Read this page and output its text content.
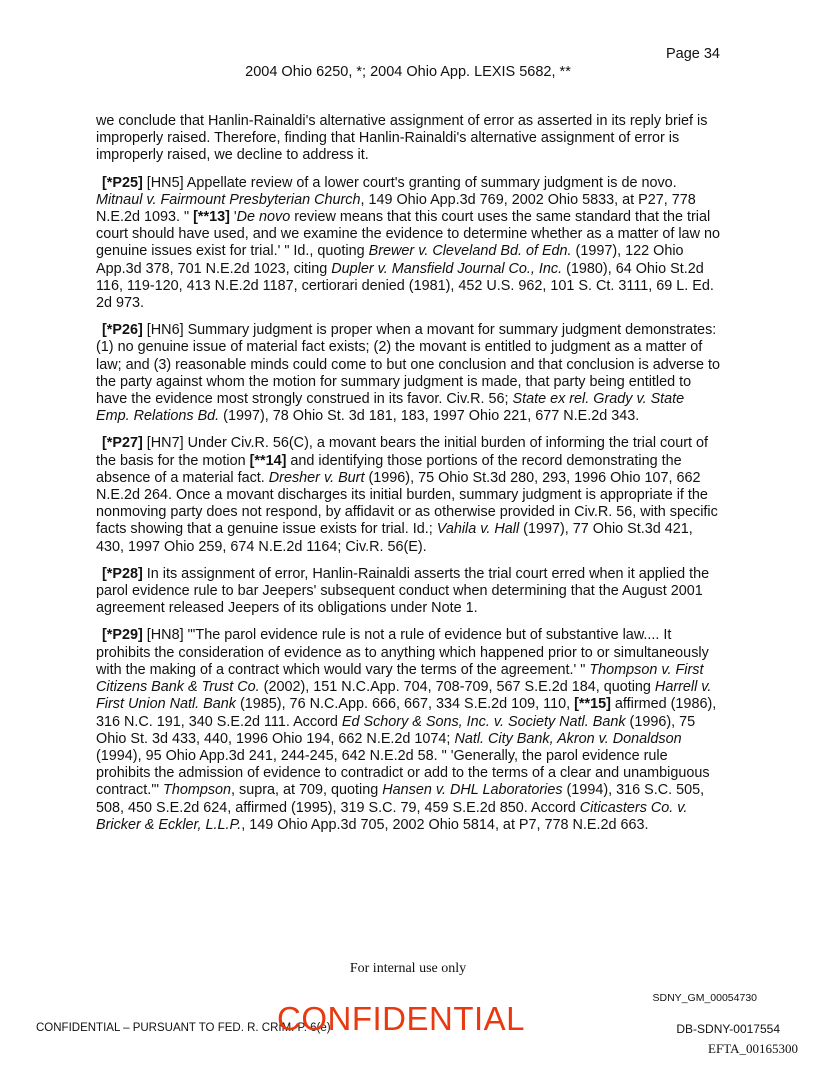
Page 34
2004 Ohio 6250, *; 2004 Ohio App. LEXIS 5682, **

we conclude that Hanlin-Rainaldi's alternative assignment of error as asserted in its reply brief is improperly raised. Therefore, finding that Hanlin-Rainaldi's alternative assignment of error is improperly raised, we decline to address it.

[*P25] [HN5] Appellate review of a lower court's granting of summary judgment is de novo. Mitnaul v. Fairmount Presbyterian Church, 149 Ohio App.3d 769, 2002 Ohio 5833, at P27, 778 N.E.2d 1093. " [**13] 'De novo review means that this court uses the same standard that the trial court should have used, and we examine the evidence to determine whether as a matter of law no genuine issues exist for trial.' " Id., quoting Brewer v. Cleveland Bd. of Edn. (1997), 122 Ohio App.3d 378, 701 N.E.2d 1023, citing Dupler v. Mansfield Journal Co., Inc. (1980), 64 Ohio St.2d 116, 119-120, 413 N.E.2d 1187, certiorari denied (1981), 452 U.S. 962, 101 S. Ct. 3111, 69 L. Ed. 2d 973.

[*P26] [HN6] Summary judgment is proper when a movant for summary judgment demonstrates: (1) no genuine issue of material fact exists; (2) the movant is entitled to judgment as a matter of law; and (3) reasonable minds could come to but one conclusion and that conclusion is adverse to the party against whom the motion for summary judgment is made, that party being entitled to have the evidence most strongly construed in its favor. Civ.R. 56; State ex rel. Grady v. State Emp. Relations Bd. (1997), 78 Ohio St. 3d 181, 183, 1997 Ohio 221, 677 N.E.2d 343.

[*P27] [HN7] Under Civ.R. 56(C), a movant bears the initial burden of informing the trial court of the basis for the motion [**14] and identifying those portions of the record demonstrating the absence of a material fact. Dresher v. Burt (1996), 75 Ohio St.3d 280, 293, 1996 Ohio 107, 662 N.E.2d 264. Once a movant discharges its initial burden, summary judgment is appropriate if the nonmoving party does not respond, by affidavit or as otherwise provided in Civ.R. 56, with specific facts showing that a genuine issue exists for trial. Id.; Vahila v. Hall (1997), 77 Ohio St.3d 421, 430, 1997 Ohio 259, 674 N.E.2d 1164; Civ.R. 56(E).

[*P28] In its assignment of error, Hanlin-Rainaldi asserts the trial court erred when it applied the parol evidence rule to bar Jeepers' subsequent conduct when determining that the August 2001 agreement released Jeepers of its obligations under Note 1.

[*P29] [HN8] "'The parol evidence rule is not a rule of evidence but of substantive law.... It prohibits the consideration of evidence as to anything which happened prior to or simultaneously with the making of a contract which would vary the terms of the agreement.' " Thompson v. First Citizens Bank & Trust Co. (2002), 151 N.C.App. 704, 708-709, 567 S.E.2d 184, quoting Harrell v. First Union Natl. Bank (1985), 76 N.C.App. 666, 667, 334 S.E.2d 109, 110, [**15] affirmed (1986), 316 N.C. 191, 340 S.E.2d 111. Accord Ed Schory & Sons, Inc. v. Society Natl. Bank (1996), 75 Ohio St. 3d 433, 440, 1996 Ohio 194, 662 N.E.2d 1074; Natl. City Bank, Akron v. Donaldson (1994), 95 Ohio App.3d 241, 244-245, 642 N.E.2d 58. " 'Generally, the parol evidence rule prohibits the admission of evidence to contradict or add to the terms of a clear and unambiguous contract.'" Thompson, supra, at 709, quoting Hansen v. DHL Laboratories (1994), 316 S.C. 505, 508, 450 S.E.2d 624, affirmed (1995), 319 S.C. 79, 459 S.E.2d 850. Accord Citicasters Co. v. Bricker & Eckler, L.L.P., 149 Ohio App.3d 705, 2002 Ohio 5814, at P7, 778 N.E.2d 663.

For internal use only
SDNY_GM_00054730
CONFIDENTIAL – PURSUANT TO FED. R. CRIM. P. 6(e)
CONFIDENTIAL	DB-SDNY-0017554
EFTA_00165300
